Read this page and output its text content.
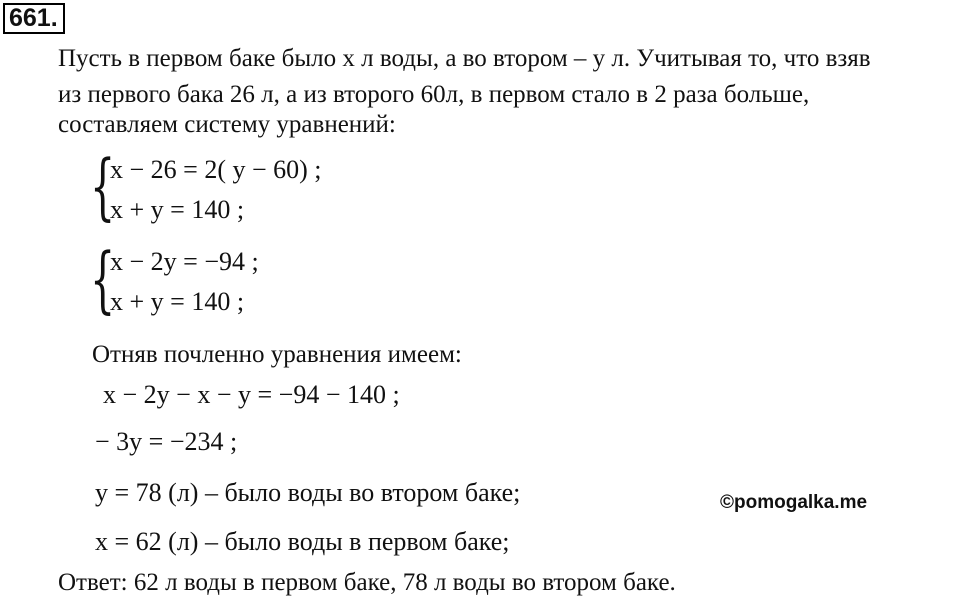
661.
Пусть в первом баке было x л воды, а во втором – y л. Учитывая то, что взяв
из первого бака 26 л, а из второго 60л, в первом стало в 2 раза больше,
составляем систему уравнений:
{
x − 26 = 2( y − 60) ;
x + y = 140 ;
{
x − 2y = −94 ;
x + y = 140 ;
Отняв почленно уравнения имеем:
x − 2y − x − y = −94 − 140 ;
− 3y = −234 ;
y = 78 (л) – было воды во втором баке;
x = 62 (л) – было воды в первом баке;
©pomogalka.me
Ответ: 62 л воды в первом баке, 78 л воды во втором баке.
